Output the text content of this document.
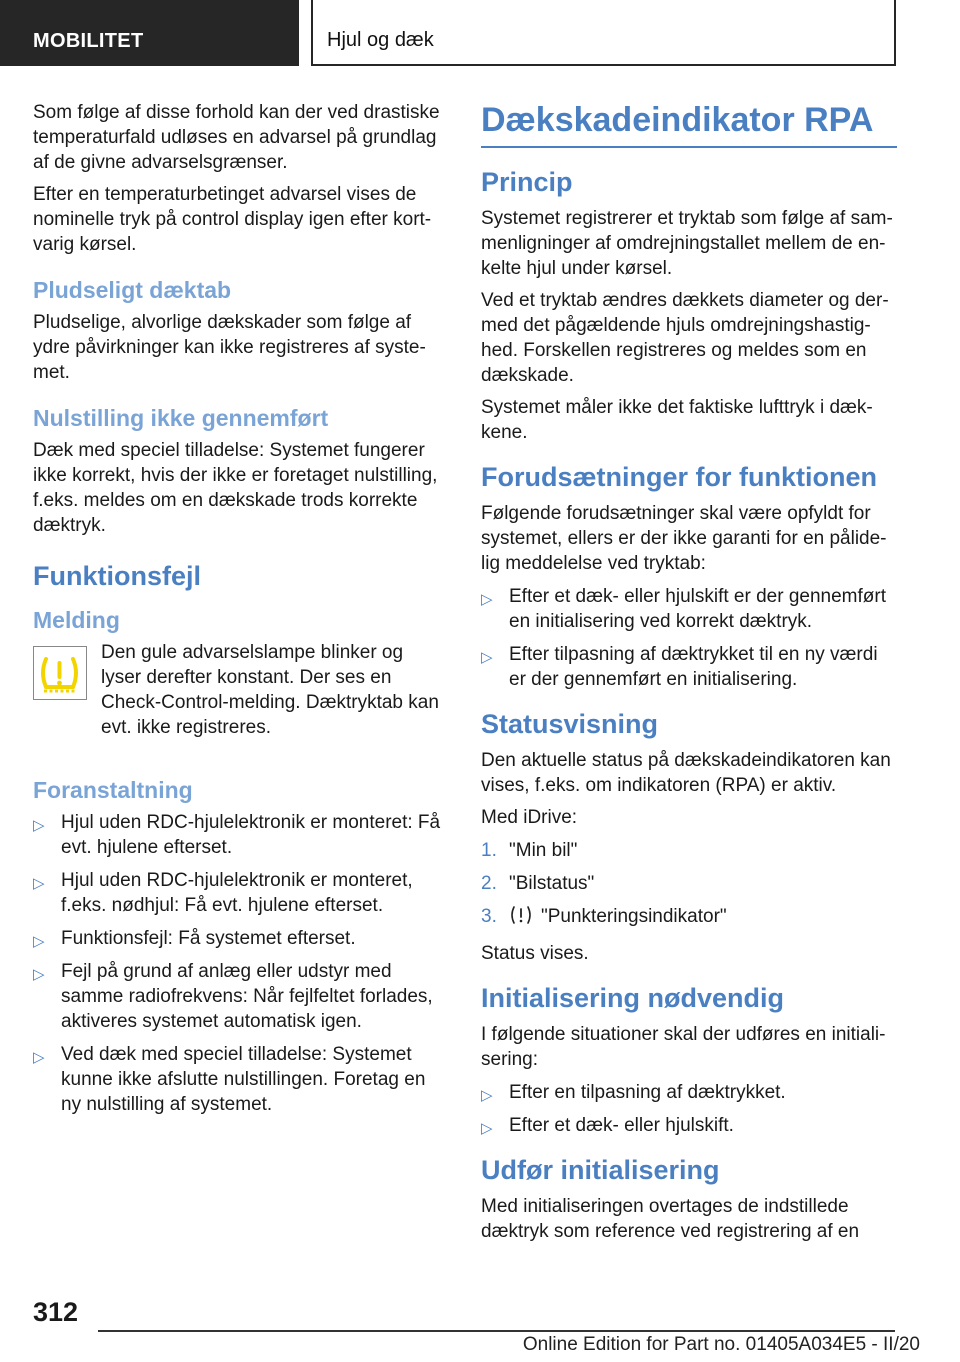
MOBILITET	Hjul og dæk

Som følge af disse forhold kan der ved drastiske temperaturfald udløses en advarsel på grundlag af de givne advarselsgrænser.

Efter en temperaturbetinget advarsel vises de nominelle tryk på control display igen efter kort-varig kørsel.

Pludseligt dæktab

Pludselige, alvorlige dækskader som følge af ydre påvirkninger kan ikke registreres af syste-met.

Nulstilling ikke gennemført

Dæk med speciel tilladelse: Systemet fungerer ikke korrekt, hvis der ikke er foretaget nulstilling, f.eks. meldes om en dækskade trods korrekte dæktryk.

Funktionsfejl
Melding

Den gule advarselslampe blinker og lyser derefter konstant. Der ses en Check-Control-melding. Dæktryktab kan evt. ikke registreres.

Foranstaltning
▷ Hjul uden RDC-hjulelektronik er monteret: Få evt. hjulene efterset.
▷ Hjul uden RDC-hjulelektronik er monteret, f.eks. nødhjul: Få evt. hjulene efterset.
▷ Funktionsfejl: Få systemet efterset.
▷ Fejl på grund af anlæg eller udstyr med samme radiofrekvens: Når fejlfeltet forlades, aktiveres systemet automatisk igen.
▷ Ved dæk med speciel tilladelse: Systemet kunne ikke afslutte nulstillingen. Foretag en ny nulstilling af systemet.
Dækskadeindikator RPA
Princip

Systemet registrerer et tryktab som følge af sam-menligninger af omdrejningstallet mellem de en-kelte hjul under kørsel.

Ved et tryktab ændres dækkets diameter og der-med det pågældende hjuls omdrejningshastig-hed. Forskellen registreres og meldes som en dækskade.

Systemet måler ikke det faktiske lufttryk i dæk-kene.

Forudsætninger for funktionen

Følgende forudsætninger skal være opfyldt for systemet, ellers er der ikke garanti for en pålide-lig meddelelse ved tryktab:

▷ Efter et dæk- eller hjulskift er der gennemført en initialisering ved korrekt dæktryk.
▷ Efter tilpasning af dæktrykket til en ny værdi er der gennemført en initialisering.
Statusvisning

Den aktuelle status på dækskadeindikatoren kan vises, f.eks. om indikatoren (RPA) er aktiv.

Med iDrive:

1. "Min bil"
2. "Bilstatus"
3. "Punkteringsindikator"

Status vises.

Initialisering nødvendig

I følgende situationer skal der udføres en initiali-sering:

▷ Efter en tilpasning af dæktrykket.
▷ Efter et dæk- eller hjulskift.
Udfør initialisering

Med initialiseringen overtages de indstillede dæktryk som reference ved registrering af en

312
Online Edition for Part no. 01405A034E5 - II/20
